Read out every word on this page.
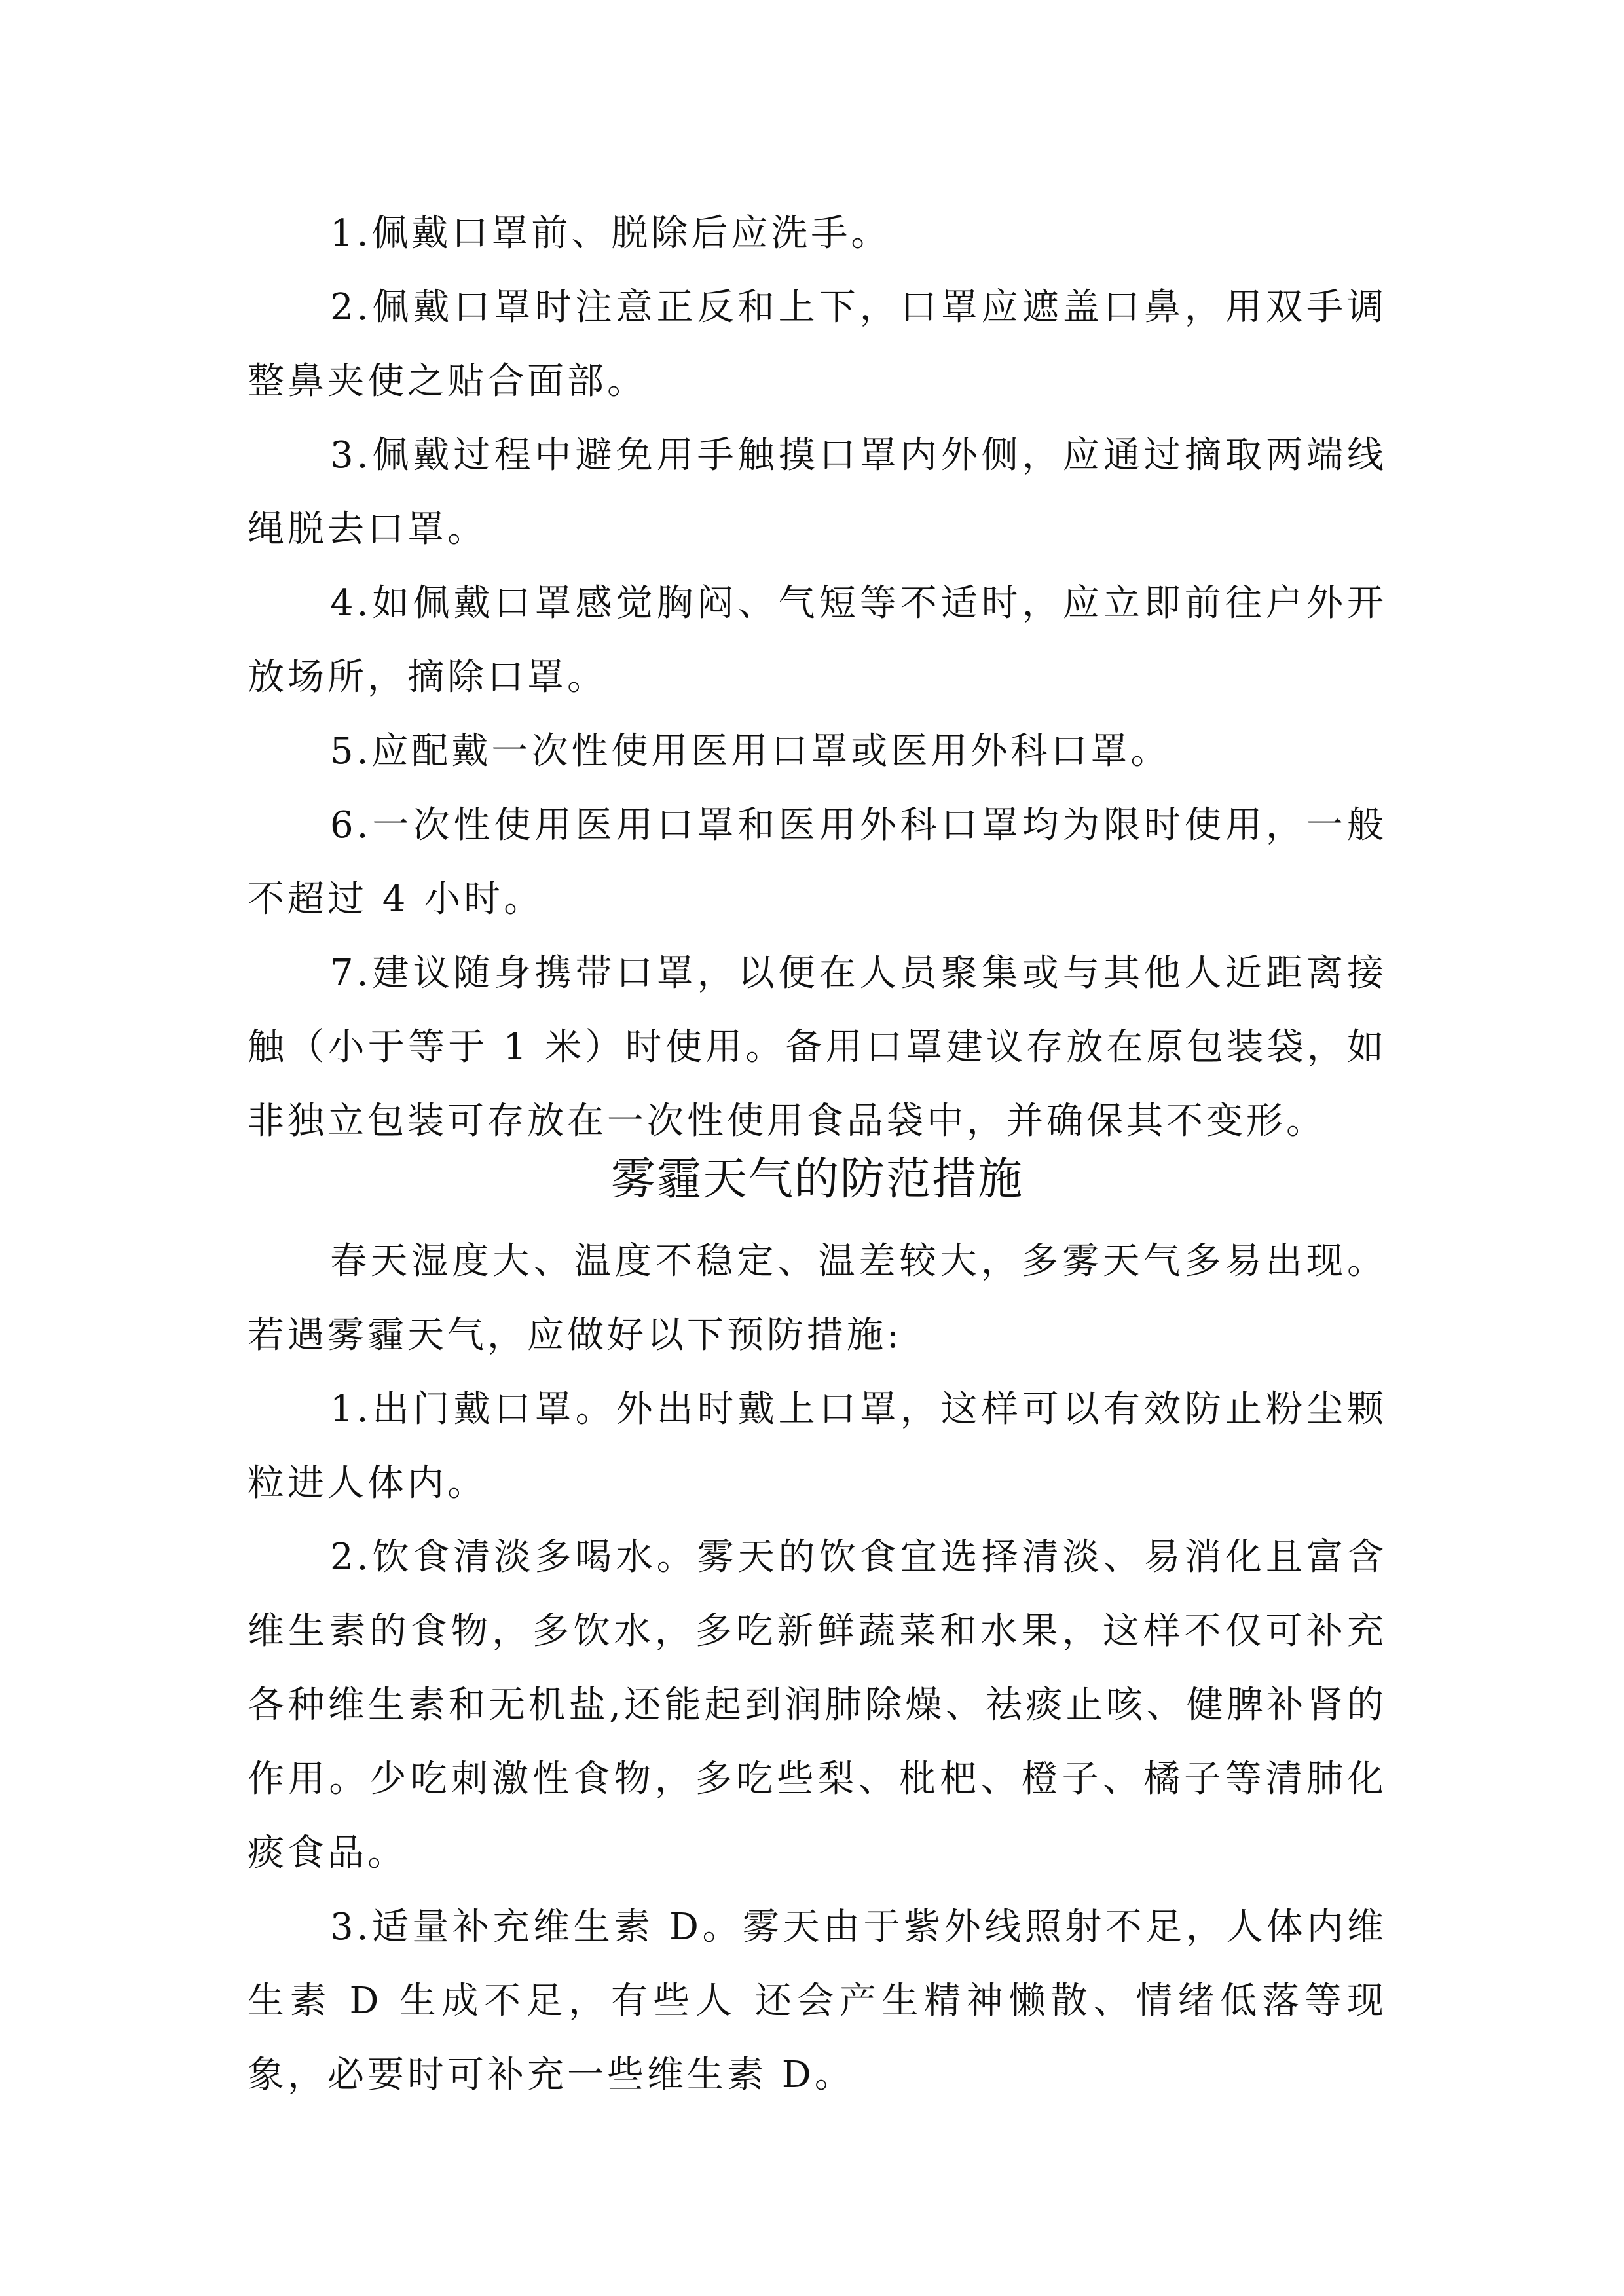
1.佩戴口罩前、脱除后应洗手。

2.佩戴口罩时注意正反和上下，口罩应遮盖口鼻，用双手调整鼻夹使之贴合面部。

3.佩戴过程中避免用手触摸口罩内外侧，应通过摘取两端线绳脱去口罩。

4.如佩戴口罩感觉胸闷、气短等不适时，应立即前往户外开放场所，摘除口罩。

5.应配戴一次性使用医用口罩或医用外科口罩。

6.一次性使用医用口罩和医用外科口罩均为限时使用，一般不超过 4 小时。

7.建议随身携带口罩，以便在人员聚集或与其他人近距离接触（小于等于 1 米）时使用。备用口罩建议存放在原包装袋，如非独立包装可存放在一次性使用食品袋中，并确保其不变形。

雾霾天气的防范措施

春天湿度大、温度不稳定、温差较大，多雾天气多易出现。若遇雾霾天气，应做好以下预防措施:

1.出门戴口罩。外出时戴上口罩，这样可以有效防止粉尘颗粒进人体内。

2.饮食清淡多喝水。雾天的饮食宜选择清淡、易消化且富含维生素的食物，多饮水，多吃新鲜蔬菜和水果，这样不仅可补充各种维生素和无机盐,还能起到润肺除燥、祛痰止咳、健脾补肾的作用。少吃刺激性食物，多吃些梨、枇杷、橙子、橘子等清肺化痰食品。

3.适量补充维生素 D。雾天由于紫外线照射不足，人体内维生素 D 生成不足，有些人 还会产生精神懒散、情绪低落等现象，必要时可补充一些维生素 D。
